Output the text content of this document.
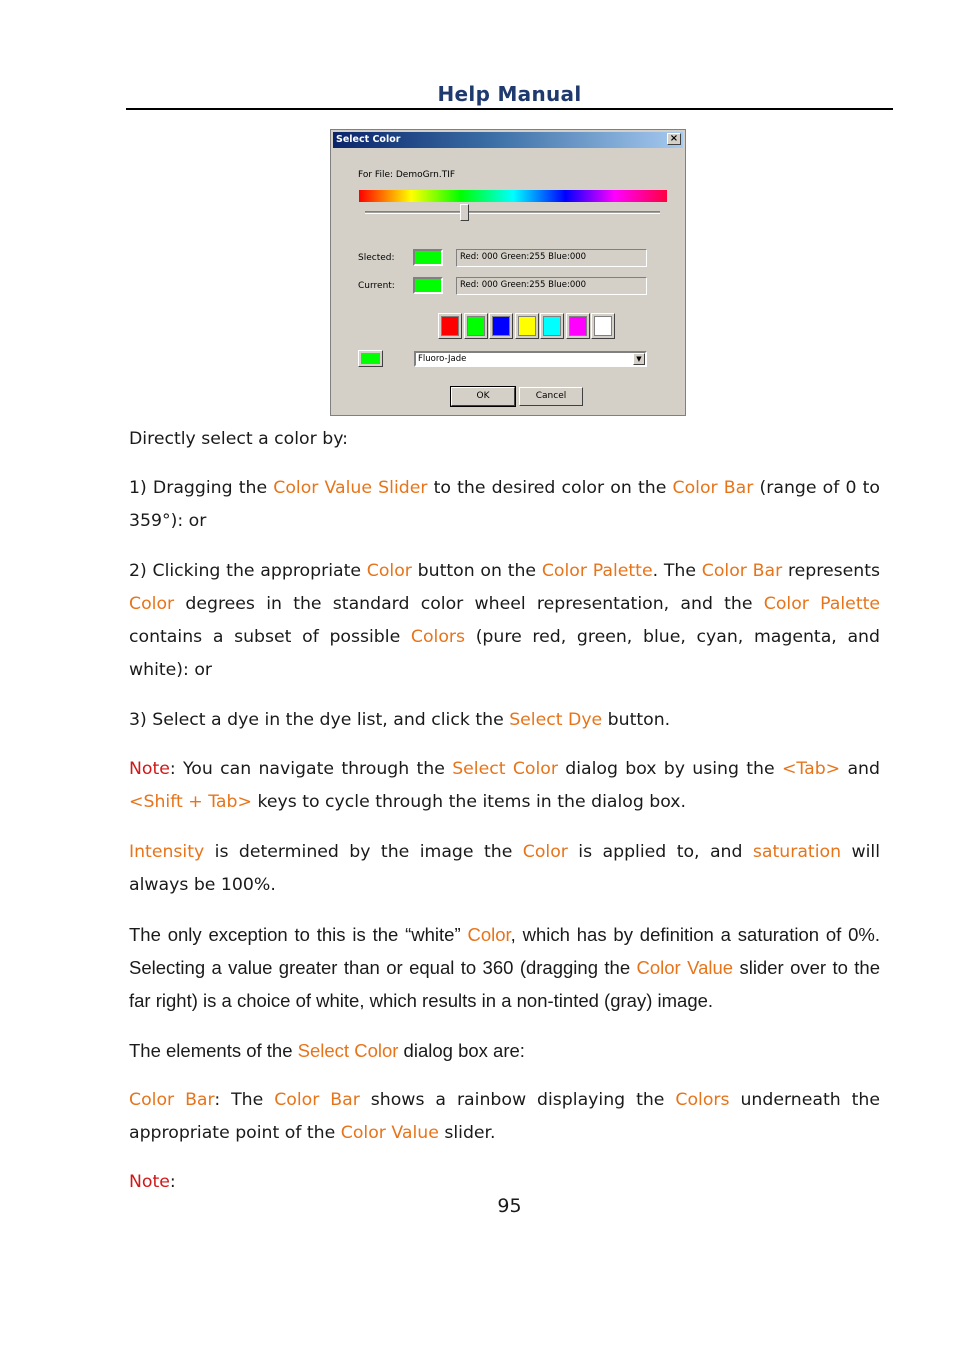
Help Manual
Select Color	×
For File: DemoGrn.TIF
Slected:	Red: 000 Green:255 Blue:000
Current:	Red: 000 Green:255 Blue:000
Fluoro-Jade	▼
OK	Cancel

Directly select a color by:

1) Dragging the Color Value Slider to the desired color on the Color Bar (range of 0 to 359°): or

2) Clicking the appropriate Color button on the Color Palette. The Color Bar represents Color degrees in the standard color wheel representation, and the Color Palette contains a subset of possible Colors (pure red, green, blue, cyan, magenta, and white): or

3) Select a dye in the dye list, and click the Select Dye button.

Note: You can navigate through the Select Color dialog box by using the <Tab> and <Shift + Tab> keys to cycle through the items in the dialog box.

Intensity is determined by the image the Color is applied to, and saturation will always be 100%.

The only exception to this is the “white” Color, which has by definition a saturation of 0%. Selecting a value greater than or equal to 360 (dragging the Color Value slider over to the far right) is a choice of white, which results in a non-tinted (gray) image.

The elements of the Select Color dialog box are:

Color Bar: The Color Bar shows a rainbow displaying the Colors underneath the appropriate point of the Color Value slider.

Note:

95
